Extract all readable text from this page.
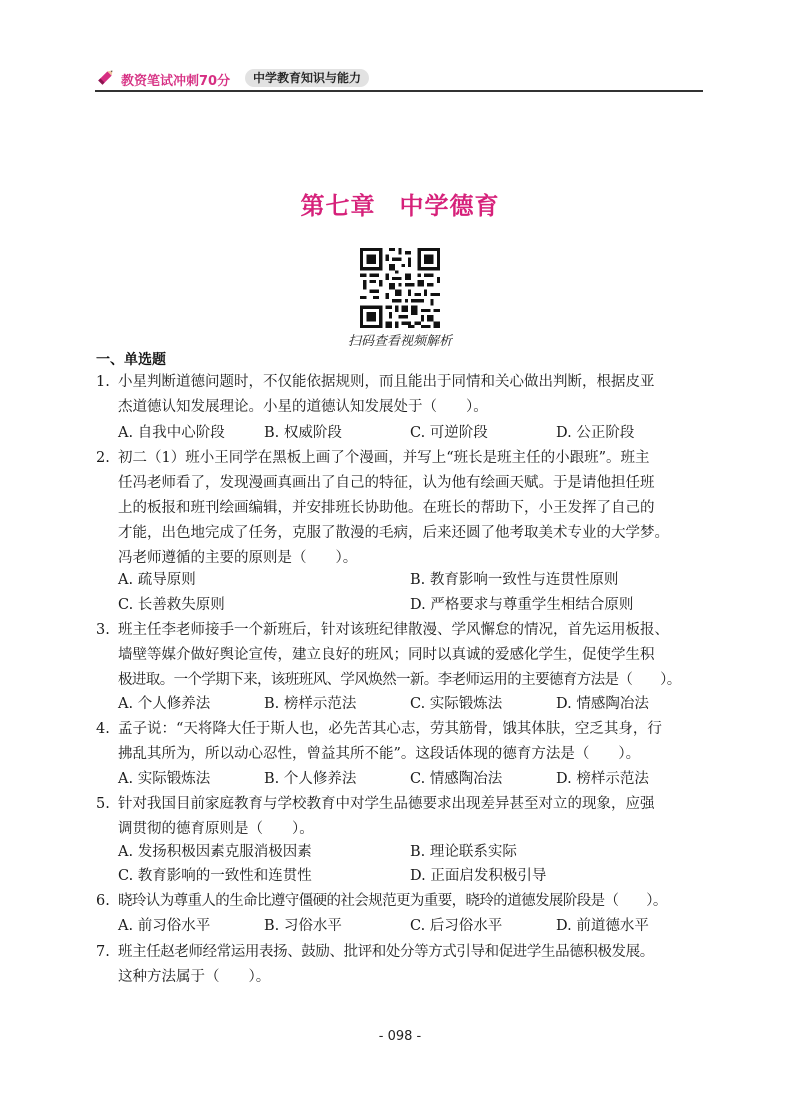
教资笔试冲刺70分	中学教育知识与能力
第七章 中学德育
扫码查看视频解析
一、单选题
1. 小星判断道德问题时，不仅能依据规则，而且能出于同情和关心做出判断，根据皮亚
杰道德认知发展理论。小星的道德认知发展处于（　　）。
A. 自我中心阶段	B. 权威阶段	C. 可逆阶段	D. 公正阶段
2. 初二（1）班小王同学在黑板上画了个漫画，并写上“班长是班主任的小跟班”。班主
任冯老师看了，发现漫画真画出了自己的特征，认为他有绘画天赋。于是请他担任班
上的板报和班刊绘画编辑，并安排班长协助他。在班长的帮助下，小王发挥了自己的
才能，出色地完成了任务，克服了散漫的毛病，后来还圆了他考取美术专业的大学梦。
冯老师遵循的主要的原则是（　　）。
A. 疏导原则	B. 教育影响一致性与连贯性原则
C. 长善救失原则	D. 严格要求与尊重学生相结合原则
3. 班主任李老师接手一个新班后，针对该班纪律散漫、学风懈怠的情况，首先运用板报、
墙壁等媒介做好舆论宣传，建立良好的班风；同时以真诚的爱感化学生，促使学生积
极进取。一个学期下来，该班班风、学风焕然一新。李老师运用的主要德育方法是（　　）。
A. 个人修养法	B. 榜样示范法	C. 实际锻炼法	D. 情感陶冶法
4. 孟子说：“天将降大任于斯人也，必先苦其心志，劳其筋骨，饿其体肤，空乏其身，行
拂乱其所为，所以动心忍性，曾益其所不能”。这段话体现的德育方法是（　　）。
A. 实际锻炼法	B. 个人修养法	C. 情感陶冶法	D. 榜样示范法
5. 针对我国目前家庭教育与学校教育中对学生品德要求出现差异甚至对立的现象，应强
调贯彻的德育原则是（　　）。
A. 发扬积极因素克服消极因素	B. 理论联系实际
C. 教育影响的一致性和连贯性	D. 正面启发积极引导
6. 晓玲认为尊重人的生命比遵守僵硬的社会规范更为重要，晓玲的道德发展阶段是（　　）。
A. 前习俗水平	B. 习俗水平	C. 后习俗水平	D. 前道德水平
7. 班主任赵老师经常运用表扬、鼓励、批评和处分等方式引导和促进学生品德积极发展。
这种方法属于（　　）。
- 098 -
